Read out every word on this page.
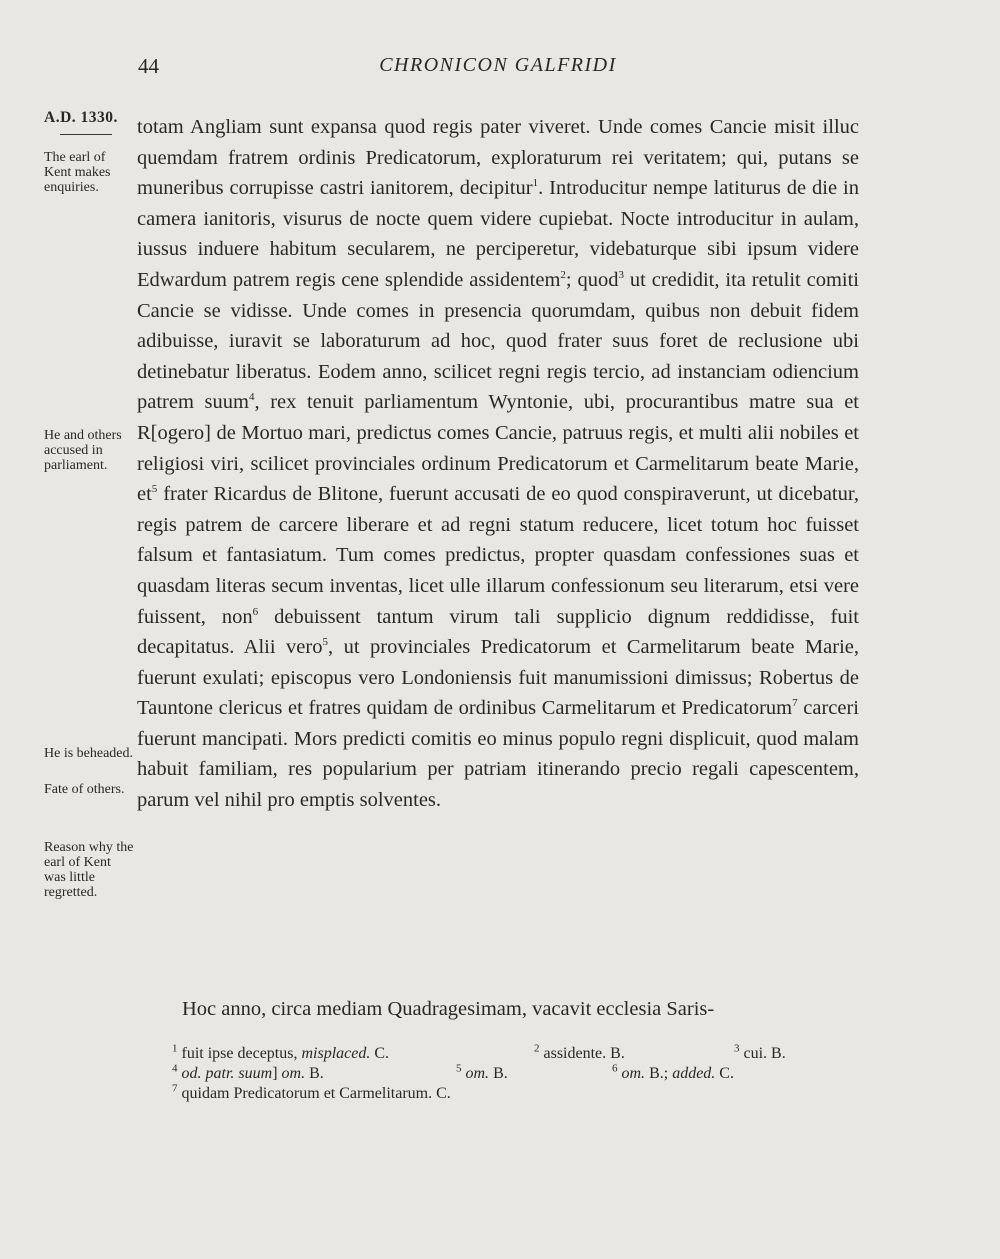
44	CHRONICON GALFRIDI
A.D. 1330.
The earl of Kent makes enquiries.
He and others accused in parliament.
He is beheaded.
Fate of others.
Reason why the earl of Kent was little regretted.

totam Angliam sunt expansa quod regis pater viveret. Unde comes Cancie misit illuc quemdam fratrem ordinis Predicatorum, exploraturum rei veritatem; qui, putans se muneribus corrupisse castri ianitorem, decipitur$^1$. Introducitur nempe latiturus de die in camera ianitoris, visurus de nocte quem videre cupiebat. Nocte introducitur in aulam, iussus induere habitum secularem, ne perciperetur, videbaturque sibi ipsum videre Edwardum patrem regis cene splendide assidentem$^2$; quod$^3$ ut credidit, ita retulit comiti Cancie se vidisse. Unde comes in presencia quorumdam, quibus non debuit fidem adibuisse, iuravit se laboraturum ad hoc, quod frater suus foret de reclusione ubi detinebatur liberatus. Eodem anno, scilicet regni regis tercio, ad instanciam odiencium patrem suum$^4$, rex tenuit parliamentum Wyntonie, ubi, procurantibus matre sua et R[ogero] de Mortuo mari, predictus comes Cancie, patruus regis, et multi alii nobiles et religiosi viri, scilicet provinciales ordinum Predicatorum et Carmelitarum beate Marie, $et^5$ frater Ricardus de Blitone, fuerunt accusati de eo quod conspiraverunt, ut dicebatur, regis patrem de carcere liberare et ad regni statum reducere, licet totum hoc fuisset falsum et fantasiatum. Tum comes predictus, propter quasdam confessiones suas et quasdam literas secum inventas, licet ulle illarum confessionum seu literarum, etsi vere fuissent, non$^6$ debuissent tantum virum tali supplicio dignum reddidisse, fuit decapitatus. Alii vero$^5$, ut provinciales Predicatorum et Carmelitarum beate Marie, fuerunt exulati; episcopus vero Londoniensis fuit manumissioni dimissus; Robertus de Tauntone clericus et fratres quidam de ordinibus Carmelitarum et Predicatorum$^7$ carceri fuerunt mancipati. Mors predicti comitis eo minus populo regni displicuit, quod malam habuit familiam, res popularium per patriam itinerando precio regali capescentem, parum vel nihil pro emptis solventes.

Hoc anno, circa mediam Quadragesimam, vacavit ecclesia Saris-

$^1$ fuit ipse deceptus, misplaced. C.	$^2$ assidente. B.	$^3$ cui. B.
$^4$ od. patr. suum] om. B.	$^5$ om. B.	$^6$ om. B.; added. C.
$^7$ quidam Predicatorum et Carmelitarum. C.
